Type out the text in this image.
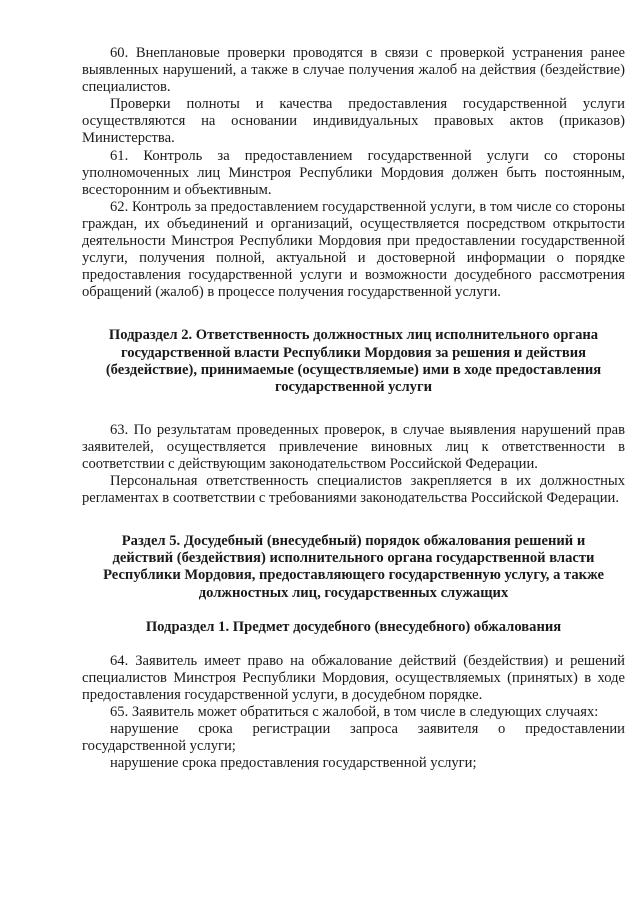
60. Внеплановые проверки проводятся в связи с проверкой устранения ранее выявленных нарушений, а также в случае получения жалоб на действия (бездействие) специалистов.

Проверки полноты и качества предоставления государственной услуги осуществляются на основании индивидуальных правовых актов (приказов) Министерства.

61. Контроль за предоставлением государственной услуги со стороны уполномоченных лиц Минстроя Республики Мордовия должен быть постоянным, всесторонним и объективным.

62. Контроль за предоставлением государственной услуги, в том числе со стороны граждан, их объединений и организаций, осуществляется посредством открытости деятельности Минстроя Республики Мордовия при предоставлении государственной услуги, получения полной, актуальной и достоверной информации о порядке предоставления государственной услуги и возможности досудебного рассмотрения обращений (жалоб) в процессе получения государственной услуги.

Подраздел 2. Ответственность должностных лиц исполнительного органа государственной власти Республики Мордовия за решения и действия (бездействие), принимаемые (осуществляемые) ими в ходе предоставления государственной услуги

63. По результатам проведенных проверок, в случае выявления нарушений прав заявителей, осуществляется привлечение виновных лиц к ответственности в соответствии с действующим законодательством Российской Федерации.

Персональная ответственность специалистов закрепляется в их должностных регламентах в соответствии с требованиями законодательства Российской Федерации.

Раздел 5. Досудебный (внесудебный) порядок обжалования решений и действий (бездействия) исполнительного органа государственной власти Республики Мордовия, предоставляющего государственную услугу, а также должностных лиц, государственных служащих
Подраздел 1. Предмет досудебного (внесудебного) обжалования

64. Заявитель имеет право на обжалование действий (бездействия) и решений специалистов Минстроя Республики Мордовия, осуществляемых (принятых) в ходе предоставления государственной услуги, в досудебном порядке.

65. Заявитель может обратиться с жалобой, в том числе в следующих случаях:

нарушение срока регистрации запроса заявителя о предоставлении государственной услуги;

нарушение срока предоставления государственной услуги;
